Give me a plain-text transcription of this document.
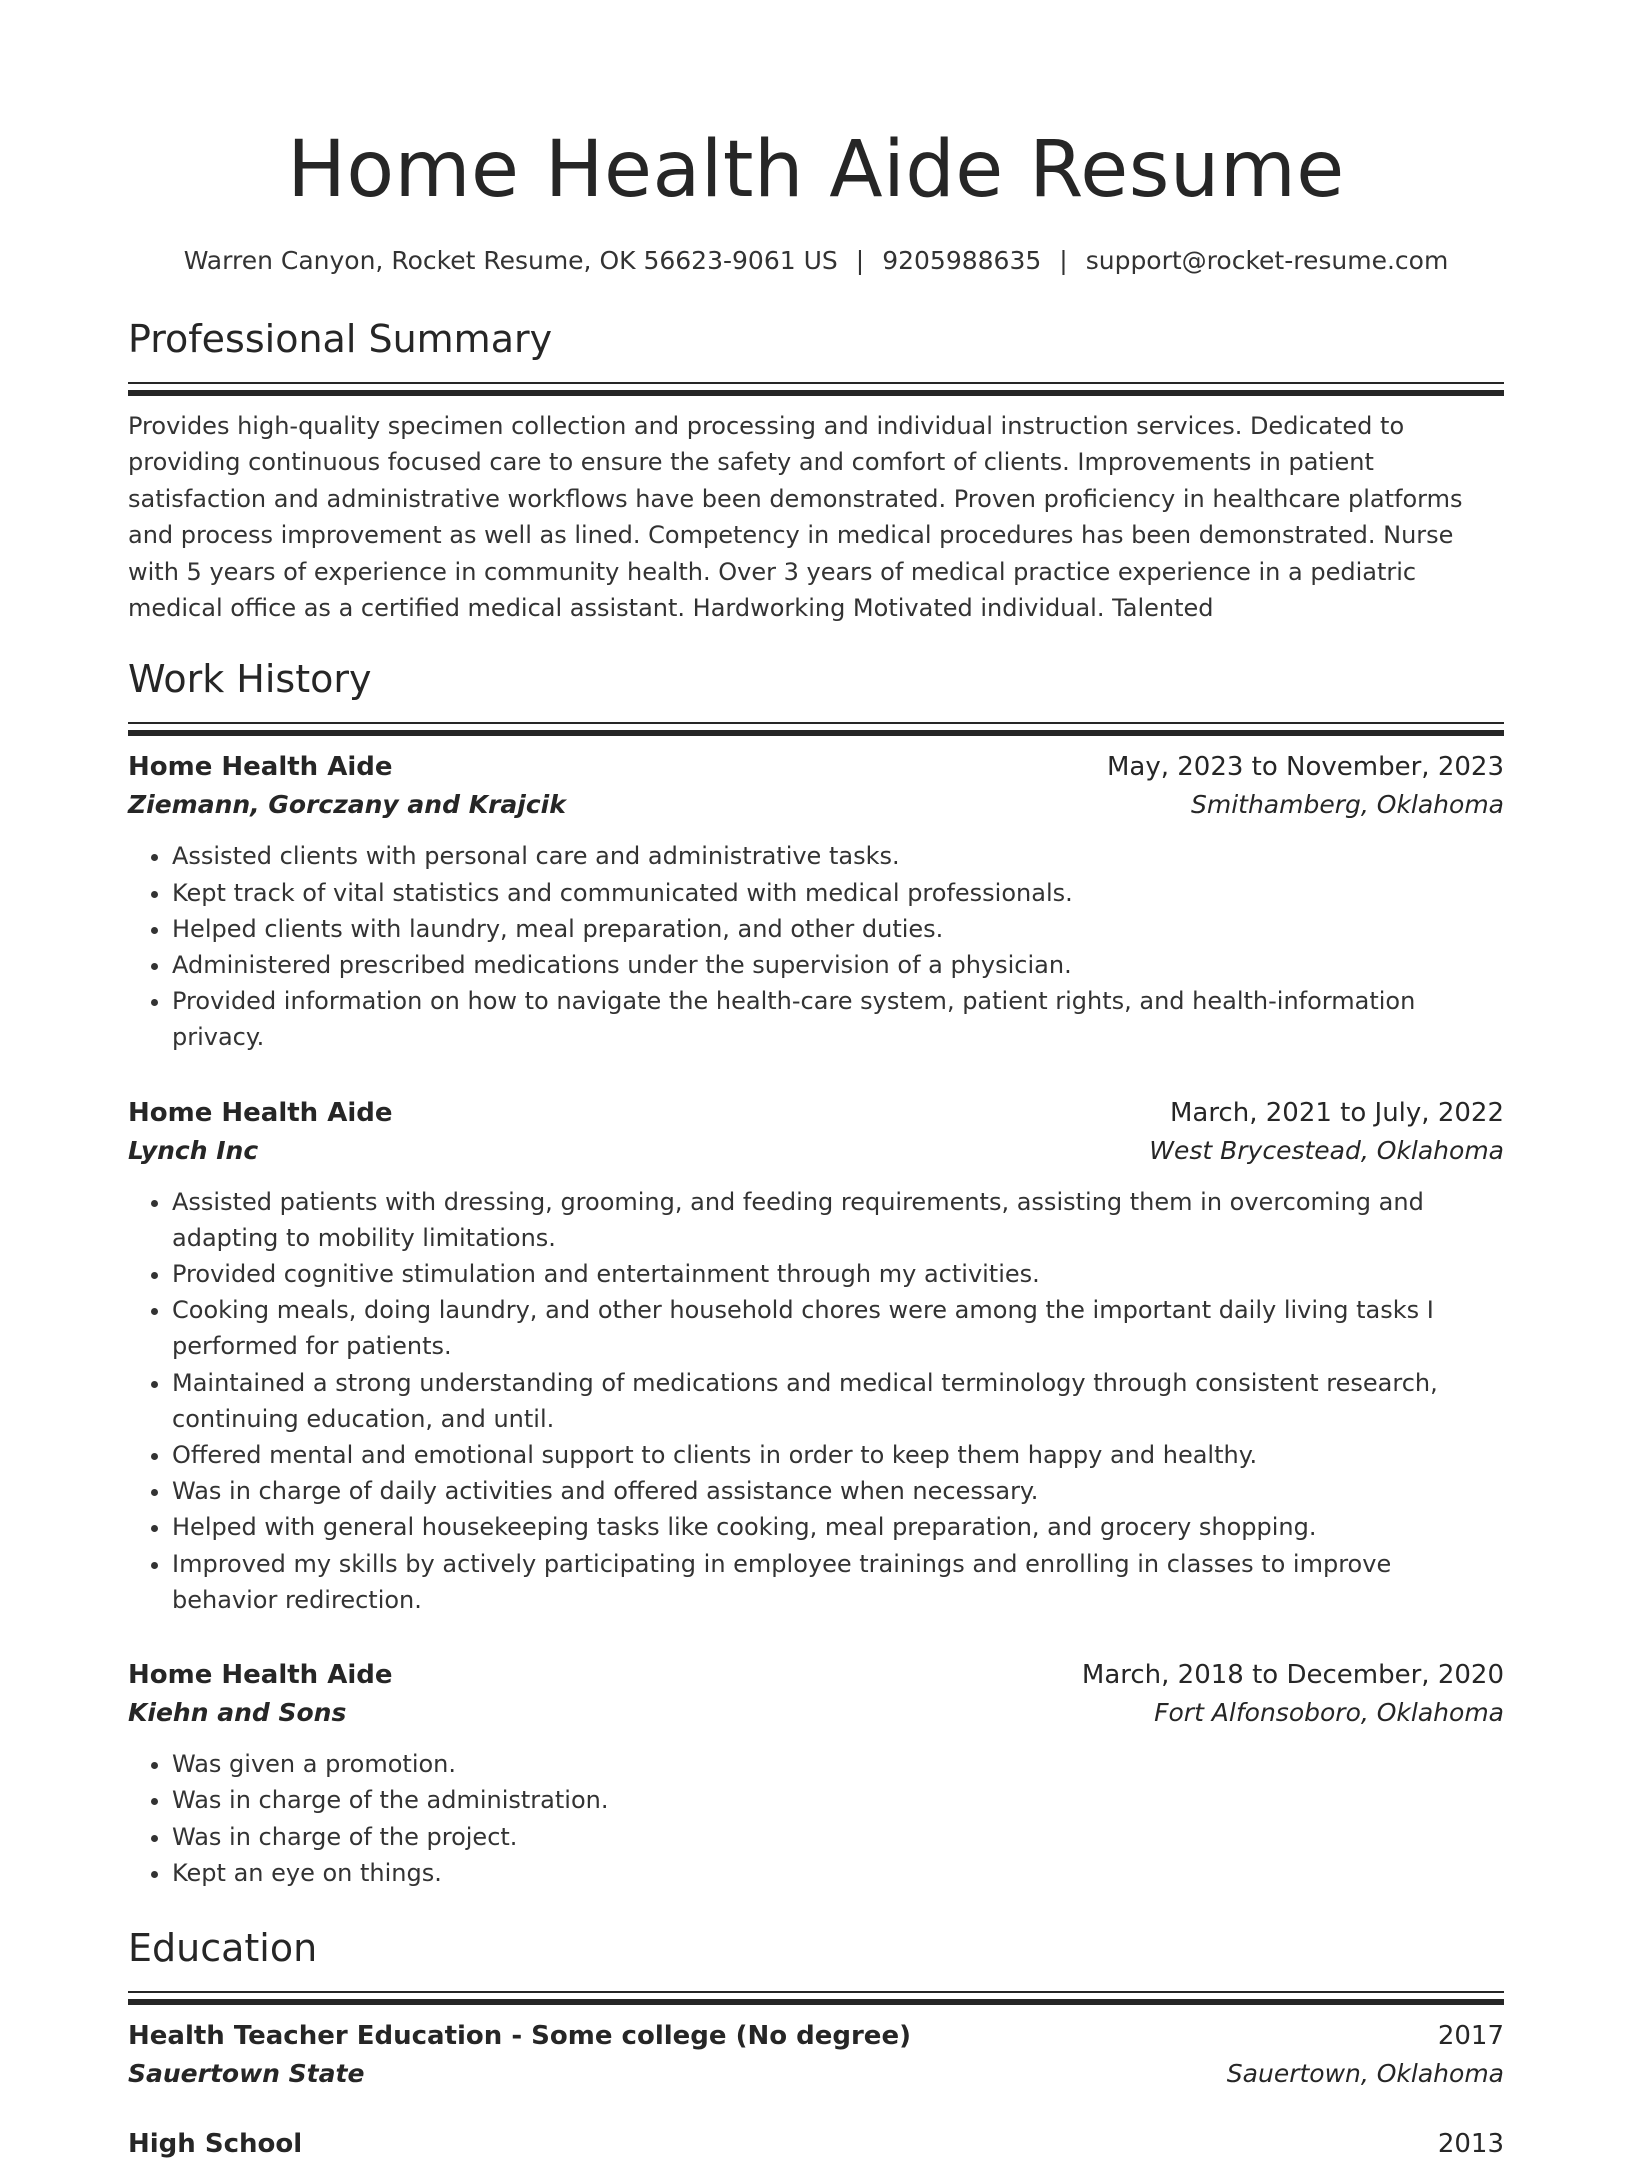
Home Health Aide Resume
Warren Canyon, Rocket Resume, OK 56623-9061 US | 9205988635 | support@rocket-resume.com
Professional Summary

Provides high-quality specimen collection and processing and individual instruction services. Dedicated to providing continuous focused care to ensure the safety and comfort of clients. Improvements in patient satisfaction and administrative workflows have been demonstrated. Proven proficiency in healthcare platforms and process improvement as well as lined. Competency in medical procedures has been demonstrated. Nurse with 5 years of experience in community health. Over 3 years of medical practice experience in a pediatric medical office as a certified medical assistant. Hardworking Motivated individual. Talented

Work History
Home Health Aide	May, 2023 to November, 2023
Ziemann, Gorczany and Krajcik	Smithamberg, Oklahoma
• Assisted clients with personal care and administrative tasks.
• Kept track of vital statistics and communicated with medical professionals.
• Helped clients with laundry, meal preparation, and other duties.
• Administered prescribed medications under the supervision of a physician.
• Provided information on how to navigate the health-care system, patient rights, and health-information privacy.
Home Health Aide	March, 2021 to July, 2022
Lynch Inc	West Brycestead, Oklahoma
• Assisted patients with dressing, grooming, and feeding requirements, assisting them in overcoming and adapting to mobility limitations.
• Provided cognitive stimulation and entertainment through my activities.
• Cooking meals, doing laundry, and other household chores were among the important daily living tasks I performed for patients.
• Maintained a strong understanding of medications and medical terminology through consistent research, continuing education, and until.
• Offered mental and emotional support to clients in order to keep them happy and healthy.
• Was in charge of daily activities and offered assistance when necessary.
• Helped with general housekeeping tasks like cooking, meal preparation, and grocery shopping.
• Improved my skills by actively participating in employee trainings and enrolling in classes to improve behavior redirection.
Home Health Aide	March, 2018 to December, 2020
Kiehn and Sons	Fort Alfonsoboro, Oklahoma
• Was given a promotion.
• Was in charge of the administration.
• Was in charge of the project.
• Kept an eye on things.
Education
Health Teacher Education - Some college (No degree)	2017
Sauertown State	Sauertown, Oklahoma
High School	2013
